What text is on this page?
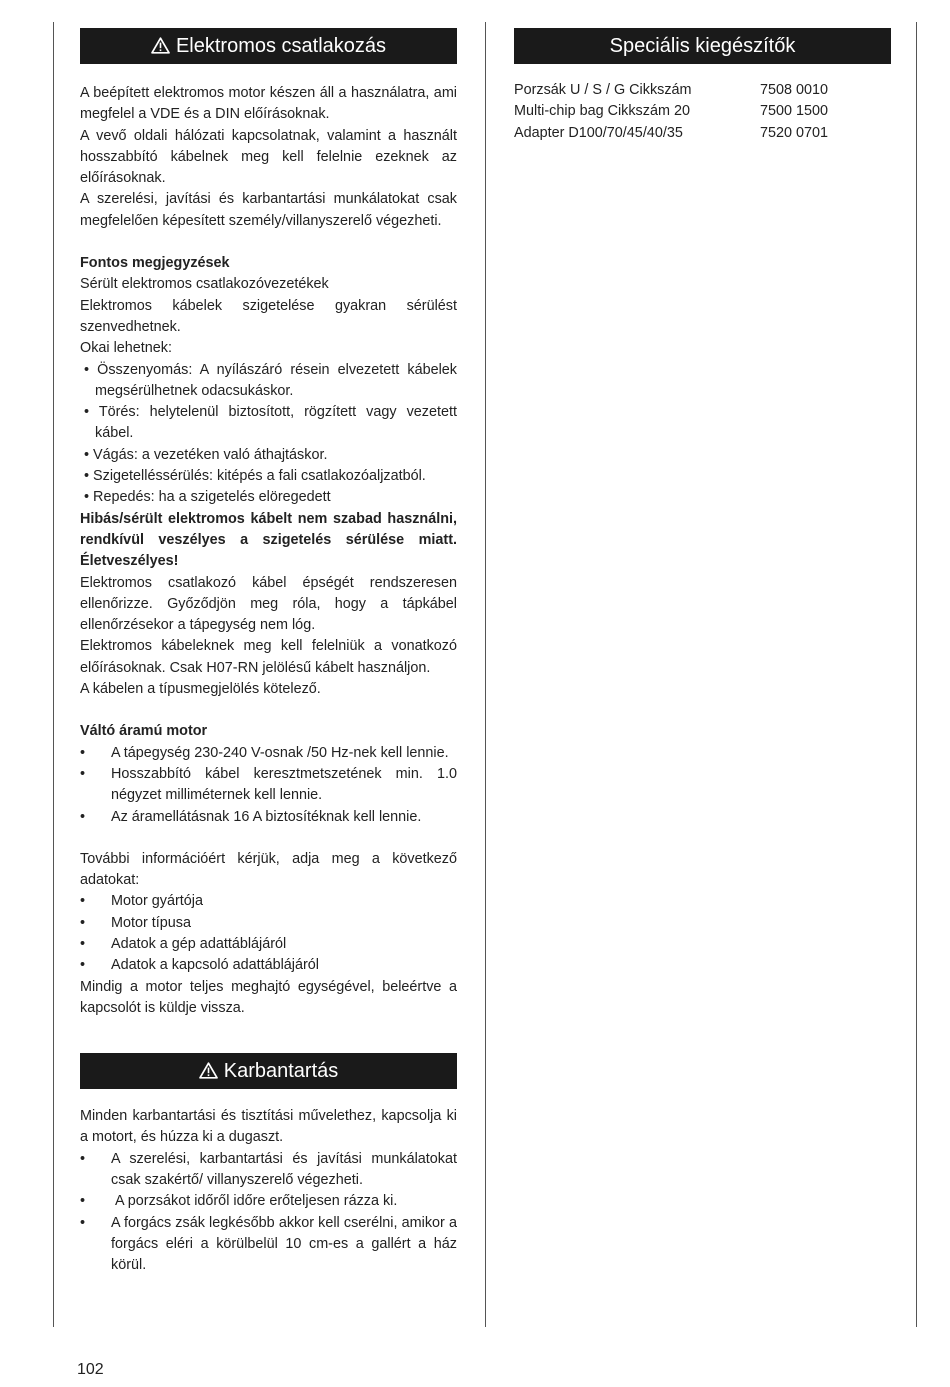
Elektromos csatlakozás

A beépített elektromos motor készen áll a használatra, ami megfelel a VDE és a DIN előírásoknak.

A vevő oldali hálózati kapcsolatnak, valamint a használt hosszabbító kábelnek meg kell felelnie ezeknek az előírásoknak.

A szerelési, javítási és karbantartási munkálatokat csak megfelelően képesített személy/villanyszerelő végezheti.

Fontos megjegyzések

Sérült elektromos csatlakozóvezetékek

Elektromos kábelek szigetelése gyakran sérülést szenvedhetnek.

Okai lehetnek:

• Összenyomás: A nyílászáró résein elvezetett kábelek megsérülhetnek odacsukáskor.
• Törés: helytelenül biztosított, rögzített vagy vezetett kábel.
• Vágás: a vezetéken való áthajtáskor.
• Szigetelléssérülés: kitépés a fali csatlakozóaljzatból.
• Repedés: ha a szigetelés elöregedett

Hibás/sérült elektromos kábelt nem szabad használni, rendkívül veszélyes a szigetelés sérülése miatt. Életveszélyes!

Elektromos csatlakozó kábel épségét rendszeresen ellenőrizze. Győződjön meg róla, hogy a tápkábel ellenőrzésekor a tápegység nem lóg.

Elektromos kábeleknek meg kell felelniük a vonatkozó előírásoknak. Csak H07-RN jelölésű kábelt használjon.

A kábelen a típusmegjelölés kötelező.

Váltó áramú motor

• A tápegység 230-240 V-osnak /50 Hz-nek kell lennie.
• Hosszabbító kábel keresztmetszetének min. 1.0 négyzet milliméternek kell lennie.
• Az áramellátásnak 16 A biztosítéknak kell lennie.

További információért kérjük, adja meg a következő adatokat:

• Motor gyártója
• Motor típusa
• Adatok a gép adattáblájáról
• Adatok a kapcsoló adattáblájáról

Mindig a motor teljes meghajtó egységével, beleértve a kapcsolót is küldje vissza.

Karbantartás

Minden karbantartási és tisztítási művelethez, kapcsolja ki a motort, és húzza ki a dugaszt.

• A szerelési, karbantartási és javítási munkálatokat csak szakértő/ villanyszerelő végezheti.
• A porzsákot időről időre erőteljesen rázza ki.
• A forgács zsák legkésőbb akkor kell cserélni, amikor a forgács eléri a körülbelül 10 cm-es a gallért a ház körül.
Speciális kiegészítők
Porzsák U / S / G Cikkszám	7508 0010
Multi-chip bag Cikkszám 20	7500 1500
Adapter D100/70/45/40/35	7520 0701
102
